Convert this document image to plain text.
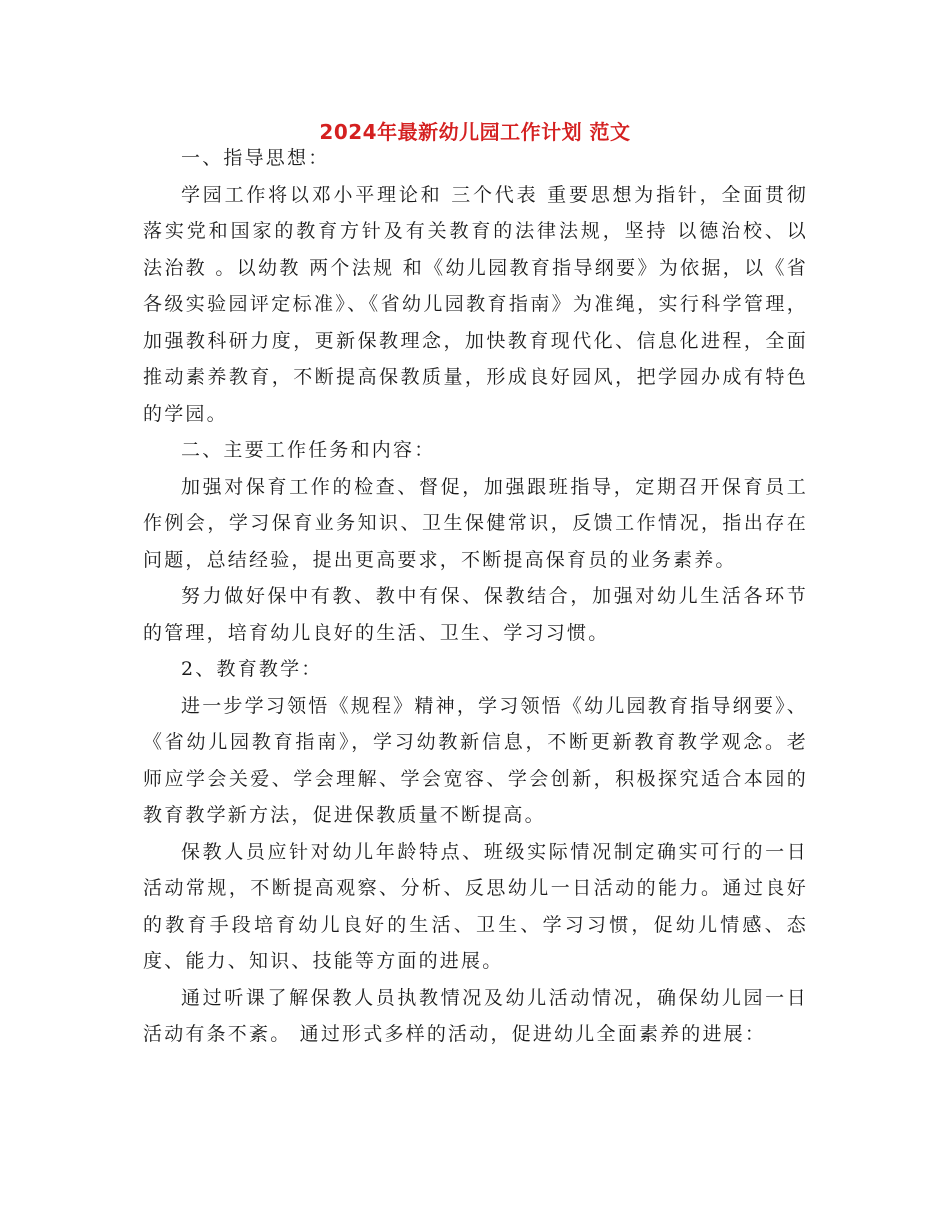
2024年最新幼儿园工作计划 范文

一、指导思想：

学园工作将以邓小平理论和 三个代表 重要思想为指针，全面贯彻落实党和国家的教育方针及有关教育的法律法规，坚持 以德治校、以法治教 。以幼教 两个法规 和《幼儿园教育指导纲要》为依据，以《省各级实验园评定标准》、《省幼儿园教育指南》为准绳，实行科学管理，加强教科研力度，更新保教理念，加快教育现代化、信息化进程，全面推动素养教育，不断提高保教质量，形成良好园风，把学园办成有特色的学园。

二、主要工作任务和内容：

加强对保育工作的检查、督促，加强跟班指导，定期召开保育员工作例会，学习保育业务知识、卫生保健常识，反馈工作情况，指出存在问题，总结经验，提出更高要求，不断提高保育员的业务素养。

努力做好保中有教、教中有保、保教结合，加强对幼儿生活各环节的管理，培育幼儿良好的生活、卫生、学习习惯。

2、教育教学：

进一步学习领悟《规程》精神，学习领悟《幼儿园教育指导纲要》、《省幼儿园教育指南》，学习幼教新信息，不断更新教育教学观念。老师应学会关爱、学会理解、学会宽容、学会创新，积极探究适合本园的教育教学新方法，促进保教质量不断提高。

保教人员应针对幼儿年龄特点、班级实际情况制定确实可行的一日活动常规，不断提高观察、分析、反思幼儿一日活动的能力。通过良好的教育手段培育幼儿良好的生活、卫生、学习习惯，促幼儿情感、态度、能力、知识、技能等方面的进展。

通过听课了解保教人员执教情况及幼儿活动情况，确保幼儿园一日活动有条不紊。 通过形式多样的活动，促进幼儿全面素养的进展：
